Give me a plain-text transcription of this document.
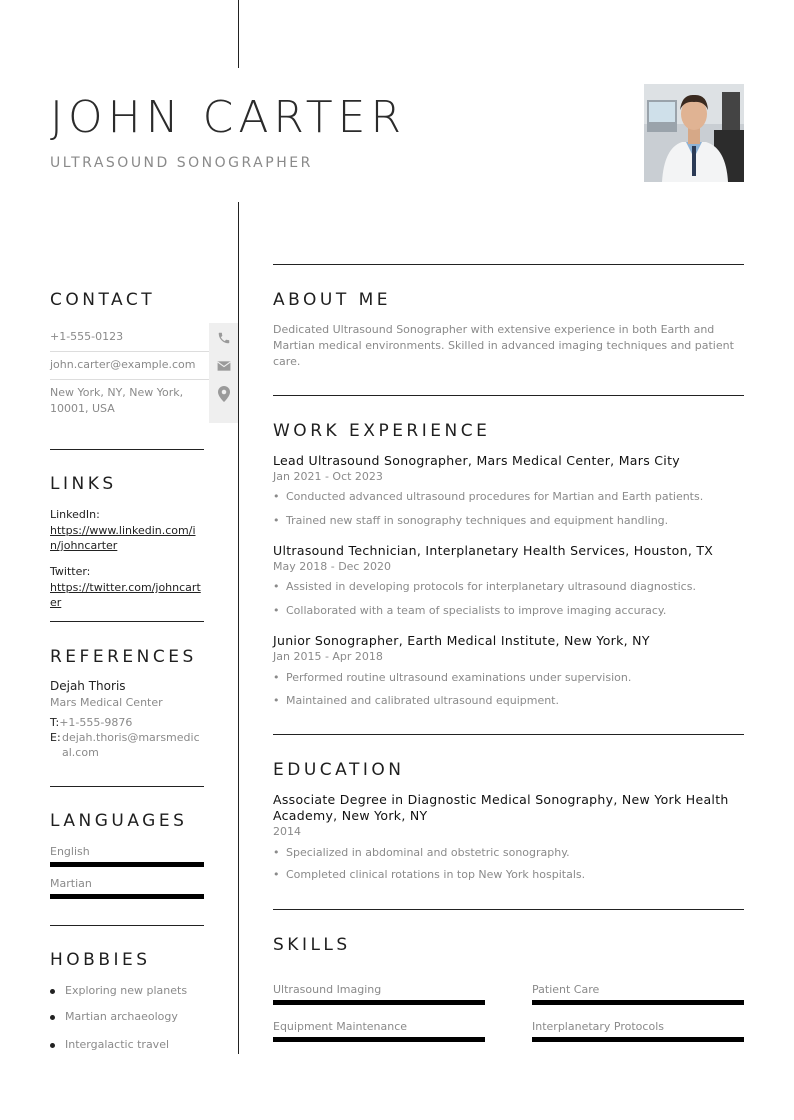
JOHN CARTER
ULTRASOUND SONOGRAPHER
CONTACT
+1-555-0123
john.carter@example.com
New York, NY, New York, 10001, USA
LINKS
LinkedIn:
https://www.linkedin.com/in/johncarter
Twitter:
https://twitter.com/johncarter
REFERENCES
Dejah Thoris
Mars Medical Center
T:+1-555-9876
E: dejah.thoris@marsmedical.com
LANGUAGES
English
Martian
HOBBIES
Exploring new planets
Martian archaeology
Intergalactic travel
ABOUT ME
Dedicated Ultrasound Sonographer with extensive experience in both Earth and Martian medical environments. Skilled in advanced imaging techniques and patient care.
WORK EXPERIENCE
Lead Ultrasound Sonographer, Mars Medical Center, Mars City
Jan 2021 - Oct 2023
• Conducted advanced ultrasound procedures for Martian and Earth patients.
• Trained new staff in sonography techniques and equipment handling.
Ultrasound Technician, Interplanetary Health Services, Houston, TX
May 2018 - Dec 2020
• Assisted in developing protocols for interplanetary ultrasound diagnostics.
• Collaborated with a team of specialists to improve imaging accuracy.
Junior Sonographer, Earth Medical Institute, New York, NY
Jan 2015 - Apr 2018
• Performed routine ultrasound examinations under supervision.
• Maintained and calibrated ultrasound equipment.
EDUCATION
Associate Degree in Diagnostic Medical Sonography, New York Health
Academy, New York, NY
2014
• Specialized in abdominal and obstetric sonography.
• Completed clinical rotations in top New York hospitals.
SKILLS
Ultrasound Imaging	Patient Care
Equipment Maintenance	Interplanetary Protocols
